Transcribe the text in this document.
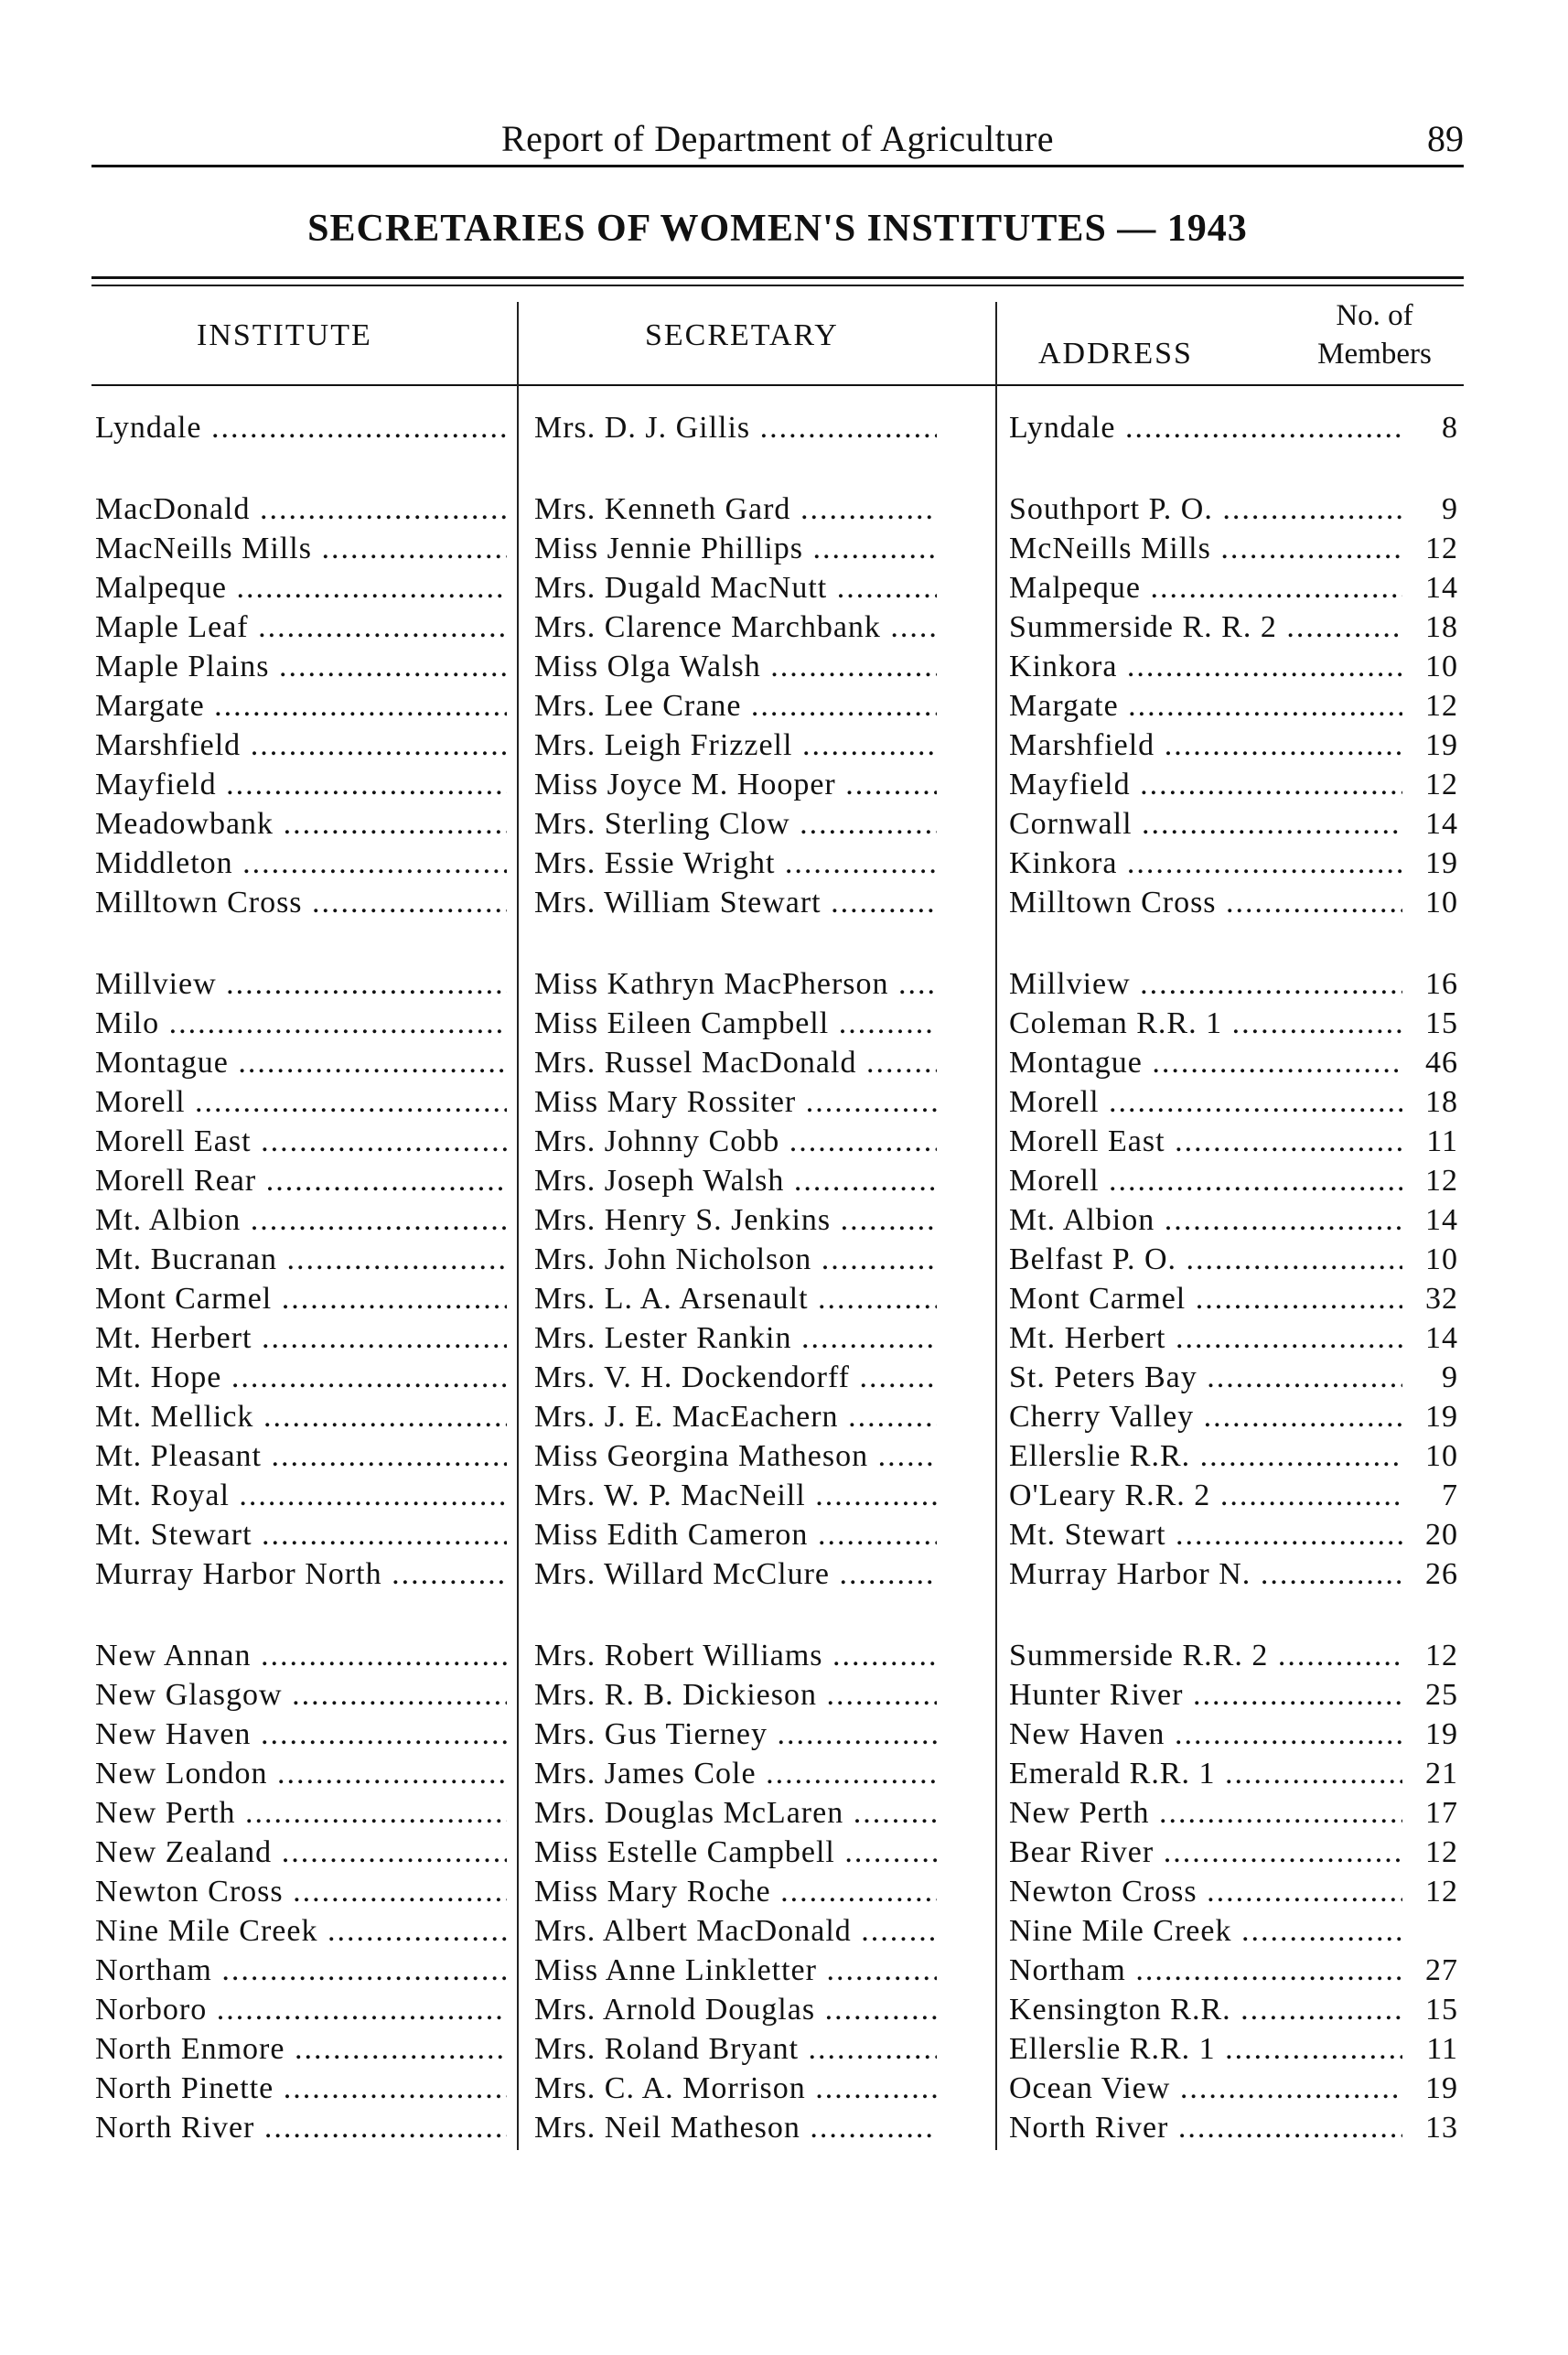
Report of Department of Agriculture	89
SECRETARIES OF WOMEN'S INSTITUTES — 1943
INSTITUTE	SECRETARY
ADDRESS
No. of
Members
Lyndale .....	Mrs. D. J. Gillis .....	Lyndale .....	8
MacDonald .....	Mrs. Kenneth Gard .....	Southport P. O. .....	9
MacNeills Mills .....	Miss Jennie Phillips .....	McNeills Mills .....	12
Malpeque .....	Mrs. Dugald MacNutt .....	Malpeque .....	14
Maple Leaf .....	Mrs. Clarence Marchbank .....	Summerside R. R. 2 .....	18
Maple Plains .....	Miss Olga Walsh .....	Kinkora .....	10
Margate .....	Mrs. Lee Crane .....	Margate .....	12
Marshfield .....	Mrs. Leigh Frizzell .....	Marshfield .....	19
Mayfield .....	Miss Joyce M. Hooper .....	Mayfield .....	12
Meadowbank .....	Mrs. Sterling Clow .....	Cornwall .....	14
Middleton .....	Mrs. Essie Wright .....	Kinkora .....	19
Milltown Cross .....	Mrs. William Stewart .....	Milltown Cross .....	10
Millview .....	Miss Kathryn MacPherson .....	Millview .....	16
Milo .....	Miss Eileen Campbell .....	Coleman R.R. 1 .....	15
Montague .....	Mrs. Russel MacDonald .....	Montague .....	46
Morell .....	Miss Mary Rossiter .....	Morell .....	18
Morell East .....	Mrs. Johnny Cobb .....	Morell East .....	11
Morell Rear .....	Mrs. Joseph Walsh .....	Morell .....	12
Mt. Albion .....	Mrs. Henry S. Jenkins .....	Mt. Albion .....	14
Mt. Bucranan .....	Mrs. John Nicholson .....	Belfast P. O. .....	10
Mont Carmel .....	Mrs. L. A. Arsenault .....	Mont Carmel .....	32
Mt. Herbert .....	Mrs. Lester Rankin .....	Mt. Herbert .....	14
Mt. Hope .....	Mrs. V. H. Dockendorff .....	St. Peters Bay .....	9
Mt. Mellick .....	Mrs. J. E. MacEachern .....	Cherry Valley .....	19
Mt. Pleasant .....	Miss Georgina Matheson .....	Ellerslie R.R. .....	10
Mt. Royal .....	Mrs. W. P. MacNeill .....	O'Leary R.R. 2 .....	7
Mt. Stewart .....	Miss Edith Cameron .....	Mt. Stewart .....	20
Murray Harbor North .....	Mrs. Willard McClure .....	Murray Harbor N. .....	26
New Annan .....	Mrs. Robert Williams .....	Summerside R.R. 2 .....	12
New Glasgow .....	Mrs. R. B. Dickieson .....	Hunter River .....	25
New Haven .....	Mrs. Gus Tierney .....	New Haven .....	19
New London .....	Mrs. James Cole .....	Emerald R.R. 1 .....	21
New Perth .....	Mrs. Douglas McLaren .....	New Perth .....	17
New Zealand .....	Miss Estelle Campbell .....	Bear River .....	12
Newton Cross .....	Miss Mary Roche .....	Newton Cross .....	12
Nine Mile Creek .....	Mrs. Albert MacDonald .....	Nine Mile Creek .....
Northam .....	Miss Anne Linkletter .....	Northam .....	27
Norboro .....	Mrs. Arnold Douglas .....	Kensington R.R. .....	15
North Enmore .....	Mrs. Roland Bryant .....	Ellerslie R.R. 1 .....	11
North Pinette .....	Mrs. C. A. Morrison .....	Ocean View .....	19
North River .....	Mrs. Neil Matheson .....	North River .....	13
